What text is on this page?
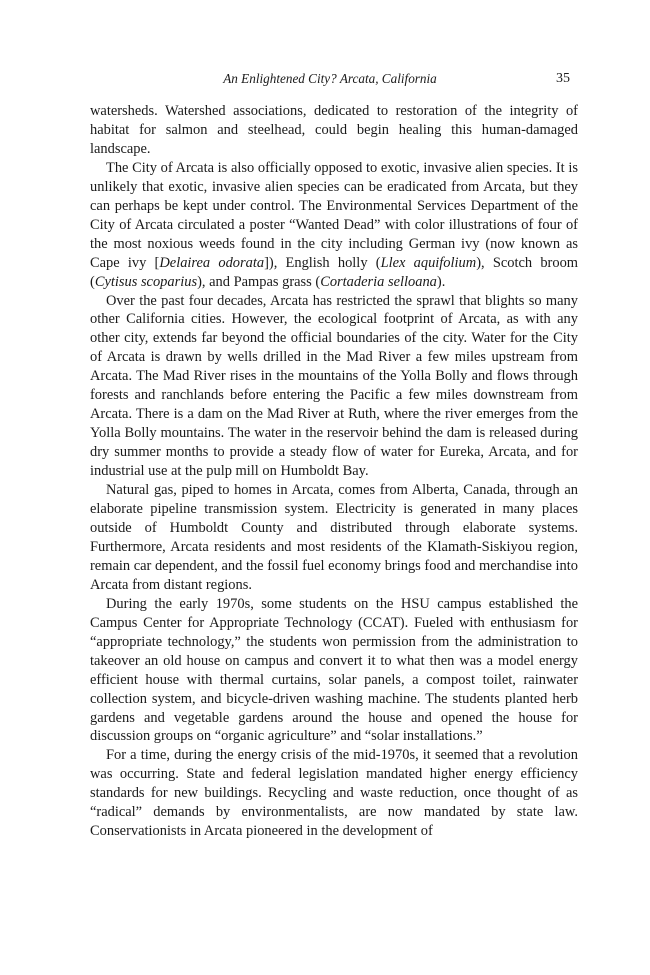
An Enlightened City? Arcata, California	35

watersheds. Watershed associations, dedicated to restoration of the integrity of habitat for salmon and steelhead, could begin healing this human-damaged landscape.

The City of Arcata is also officially opposed to exotic, invasive alien species. It is unlikely that exotic, invasive alien species can be eradicated from Arcata, but they can perhaps be kept under control. The Environmental Services Department of the City of Arcata circulated a poster “Wanted Dead” with color illustrations of four of the most noxious weeds found in the city including German ivy (now known as Cape ivy [Delairea odorata]), English holly (Llex aquifolium), Scotch broom (Cytisus scoparius), and Pampas grass (Cortaderia selloana).

Over the past four decades, Arcata has restricted the sprawl that blights so many other California cities. However, the ecological footprint of Arcata, as with any other city, extends far beyond the official boundaries of the city. Water for the City of Arcata is drawn by wells drilled in the Mad River a few miles upstream from Arcata. The Mad River rises in the mountains of the Yolla Bolly and flows through forests and ranchlands before entering the Pacific a few miles downstream from Arcata. There is a dam on the Mad River at Ruth, where the river emerges from the Yolla Bolly mountains. The water in the reservoir behind the dam is released during dry summer months to provide a steady flow of water for Eureka, Arcata, and for industrial use at the pulp mill on Humboldt Bay.

Natural gas, piped to homes in Arcata, comes from Alberta, Canada, through an elaborate pipeline transmission system. Electricity is generated in many places outside of Humboldt County and distributed through elaborate systems. Furthermore, Arcata residents and most residents of the Klamath-Siskiyou region, remain car dependent, and the fossil fuel economy brings food and merchandise into Arcata from distant regions.

During the early 1970s, some students on the HSU campus established the Campus Center for Appropriate Technology (CCAT). Fueled with enthusiasm for “appropriate technology,” the students won permission from the administration to takeover an old house on campus and convert it to what then was a model energy efficient house with thermal curtains, solar panels, a compost toilet, rainwater collection system, and bicycle-driven washing machine. The students planted herb gardens and vegetable gardens around the house and opened the house for discussion groups on “organic agriculture” and “solar installations.”

For a time, during the energy crisis of the mid-1970s, it seemed that a revolution was occurring. State and federal legislation mandated higher energy efficiency standards for new buildings. Recycling and waste reduction, once thought of as “radical” demands by environmentalists, are now mandated by state law. Conservationists in Arcata pioneered in the development of
